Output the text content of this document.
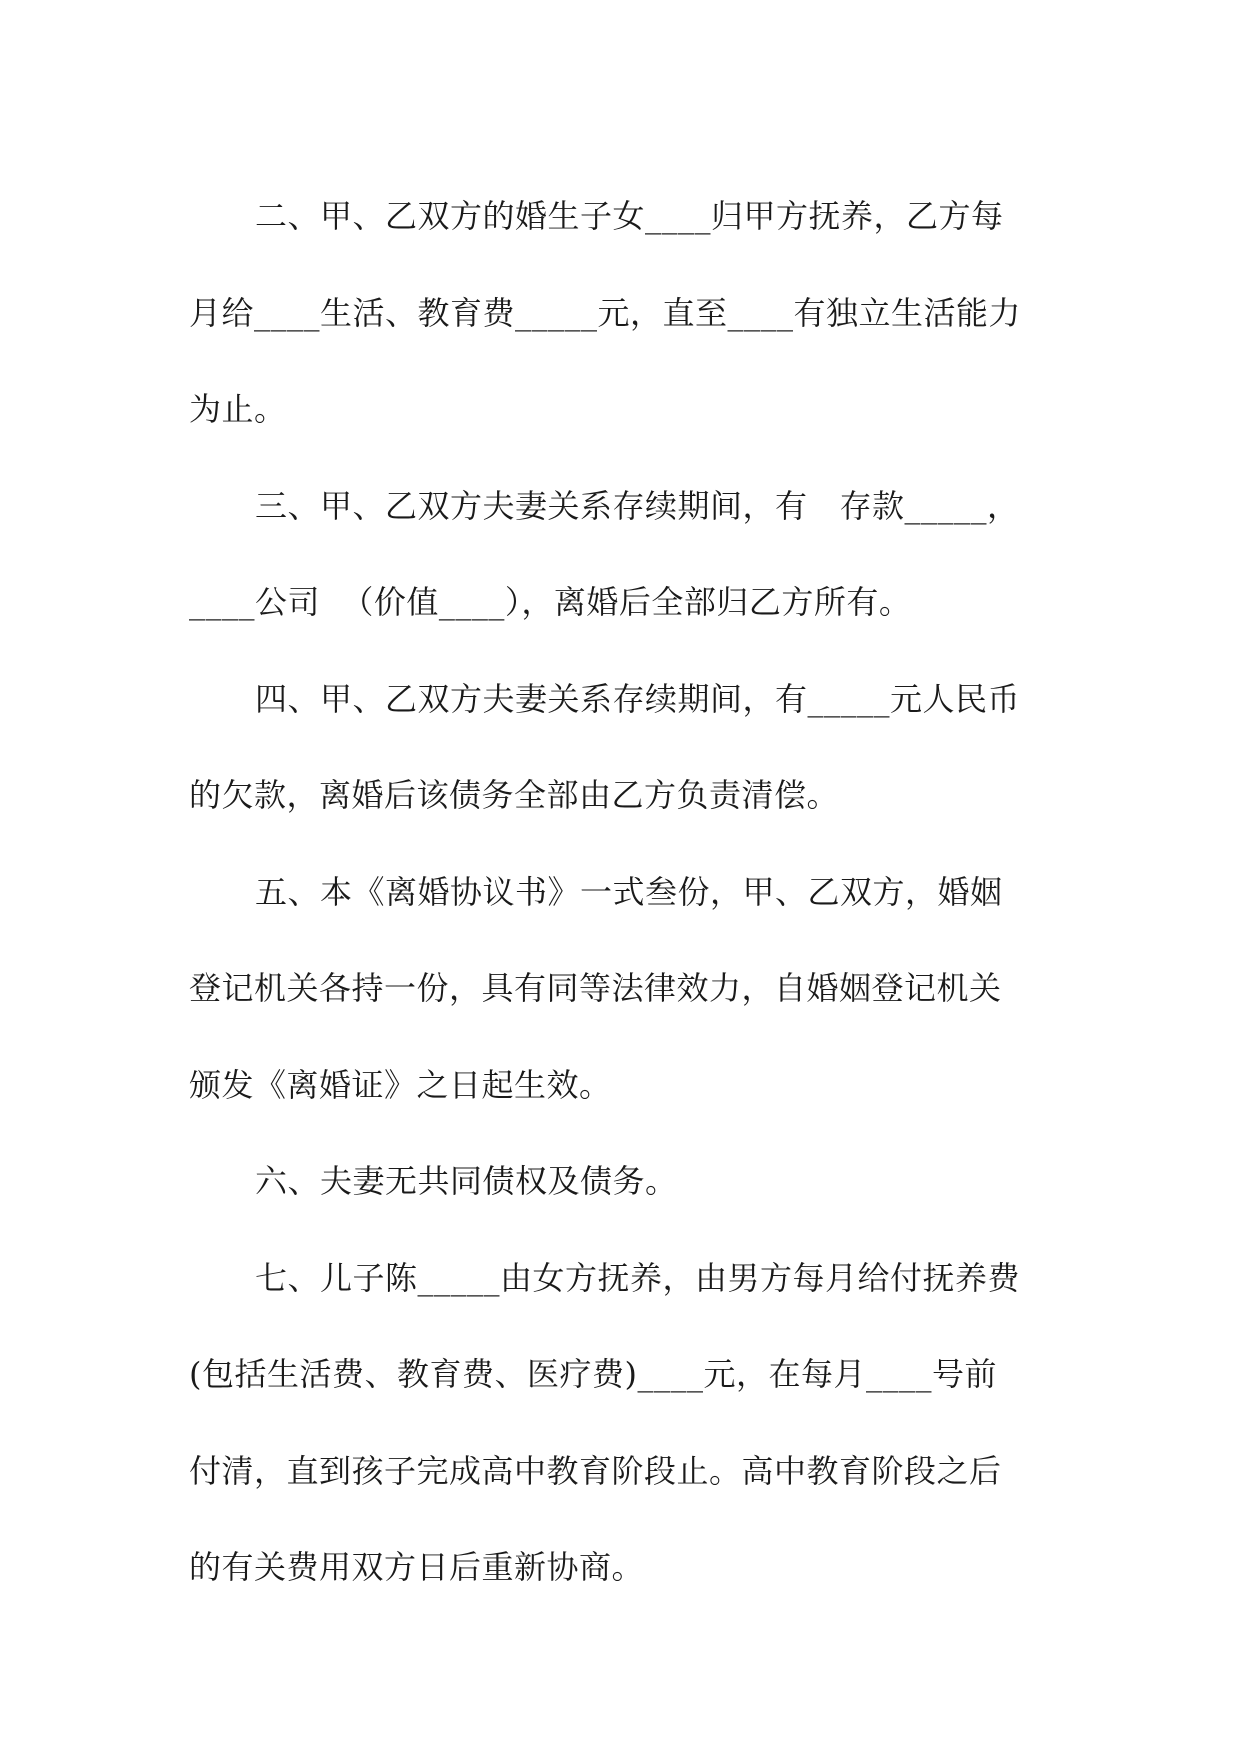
二、甲、乙双方的婚生子女____归甲方抚养，乙方每
月给____生活、教育费_____元，直至____有独立生活能力
为止。
三、甲、乙双方夫妻关系存续期间，有   存款_____，
____公司  （价值____），离婚后全部归乙方所有。
四、甲、乙双方夫妻关系存续期间，有_____元人民币
的欠款，离婚后该债务全部由乙方负责清偿。
五、本《离婚协议书》一式叁份，甲、乙双方，婚姻
登记机关各持一份，具有同等法律效力，自婚姻登记机关
颁发《离婚证》之日起生效。
六、夫妻无共同债权及债务。
七、儿子陈_____由女方抚养，由男方每月给付抚养费
(包括生活费、教育费、医疗费)____元，在每月____号前
付清，直到孩子完成高中教育阶段止。高中教育阶段之后
的有关费用双方日后重新协商。
